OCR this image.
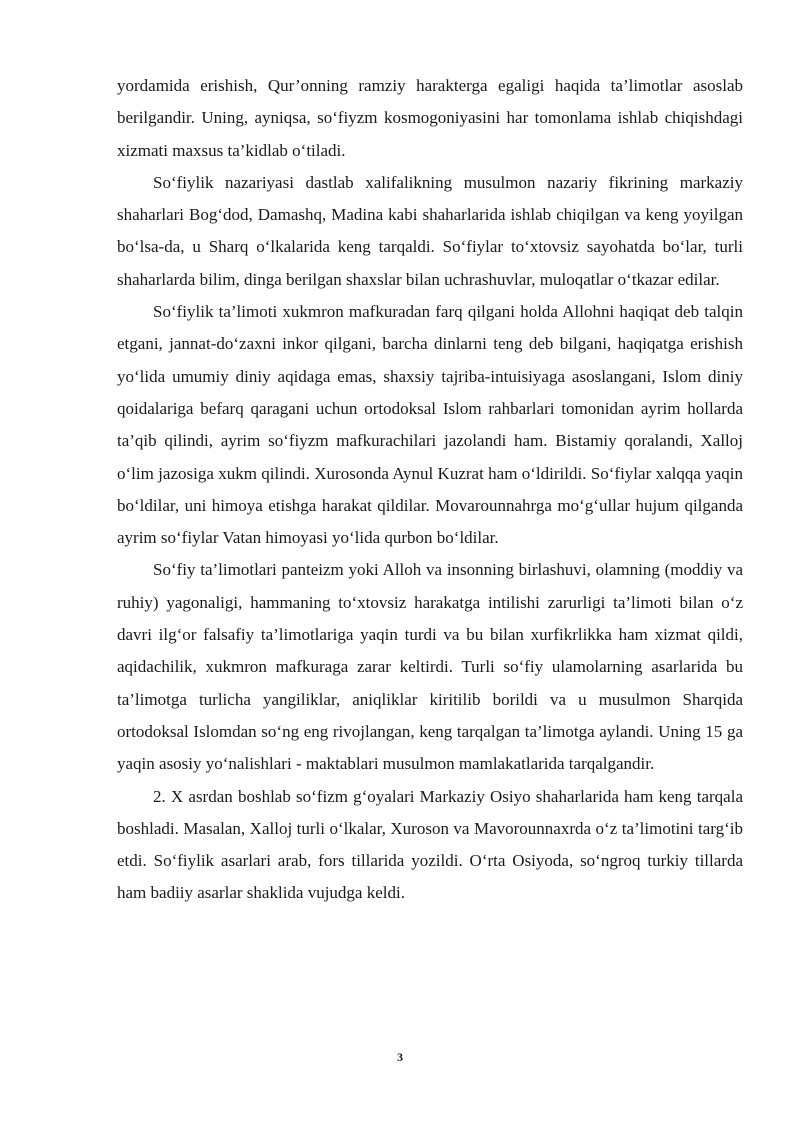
yordamida erishish, Qur’onning ramziy harakterga egaligi haqida ta’limotlar asoslab berilgandir. Uning, ayniqsa, so‘fiyzm kosmogoniyasini har tomonlama ishlab chiqishdagi xizmati maxsus ta’kidlab o‘tiladi.

So‘fiylik nazariyasi dastlab xalifalikning musulmon nazariy fikrining markaziy shaharlari Bog‘dod, Damashq, Madina kabi shaharlarida ishlab chiqilgan va keng yoyilgan bo‘lsa-da, u Sharq o‘lkalarida keng tarqaldi. So‘fiylar to‘xtovsiz sayohatda bo‘lar, turli shaharlarda bilim, dinga berilgan shaxslar bilan uchrashuvlar, muloqatlar o‘tkazar edilar.

So‘fiylik ta’limoti xukmron mafkuradan farq qilgani holda Allohni haqiqat deb talqin etgani, jannat-do‘zaxni inkor qilgani, barcha dinlarni teng deb bilgani, haqiqatga erishish yo‘lida umumiy diniy aqidaga emas, shaxsiy tajriba-intuisiyaga asoslangani, Islom diniy qoidalariga befarq qaragani uchun ortodoksal Islom rahbarlari tomonidan ayrim hollarda ta’qib qilindi, ayrim so‘fiyzm mafkurachilari jazolandi ham. Bistamiy qoralandi, Xalloj o‘lim jazosiga xukm qilindi. Xurosonda Aynul Kuzrat ham o‘ldirildi. So‘fiylar xalqqa yaqin bo‘ldilar, uni himoya etishga harakat qildilar. Movarounnahrga mo‘g‘ullar hujum qilganda ayrim so‘fiylar Vatan himoyasi yo‘lida qurbon bo‘ldilar.

So‘fiy ta’limotlari panteizm yoki Alloh va insonning birlashuvi, olamning (moddiy va ruhiy) yagonaligi, hammaning to‘xtovsiz harakatga intilishi zarurligi ta’limoti bilan o‘z davri ilg‘or falsafiy ta’limotlariga yaqin turdi va bu bilan xurfikrlikka ham xizmat qildi, aqidachilik, xukmron mafkuraga zarar keltirdi. Turli so‘fiy ulamolarning asarlarida bu ta’limotga turlicha yangiliklar, aniqliklar kiritilib borildi va u musulmon Sharqida ortodoksal Islomdan so‘ng eng rivojlangan, keng tarqalgan ta’limotga aylandi. Uning 15 ga yaqin asosiy yo‘nalishlari - maktablari musulmon mamlakatlarida tarqalgandir.

2. X asrdan boshlab so‘fizm g‘oyalari Markaziy Osiyo shaharlarida ham keng tarqala boshladi. Masalan, Xalloj turli o‘lkalar, Xuroson va Mavorounnaxrda o‘z ta’limotini targ‘ib etdi. So‘fiylik asarlari arab, fors tillarida yozildi. O‘rta Osiyoda, so‘ngroq turkiy tillarda ham badiiy asarlar shaklida vujudga keldi.

3
